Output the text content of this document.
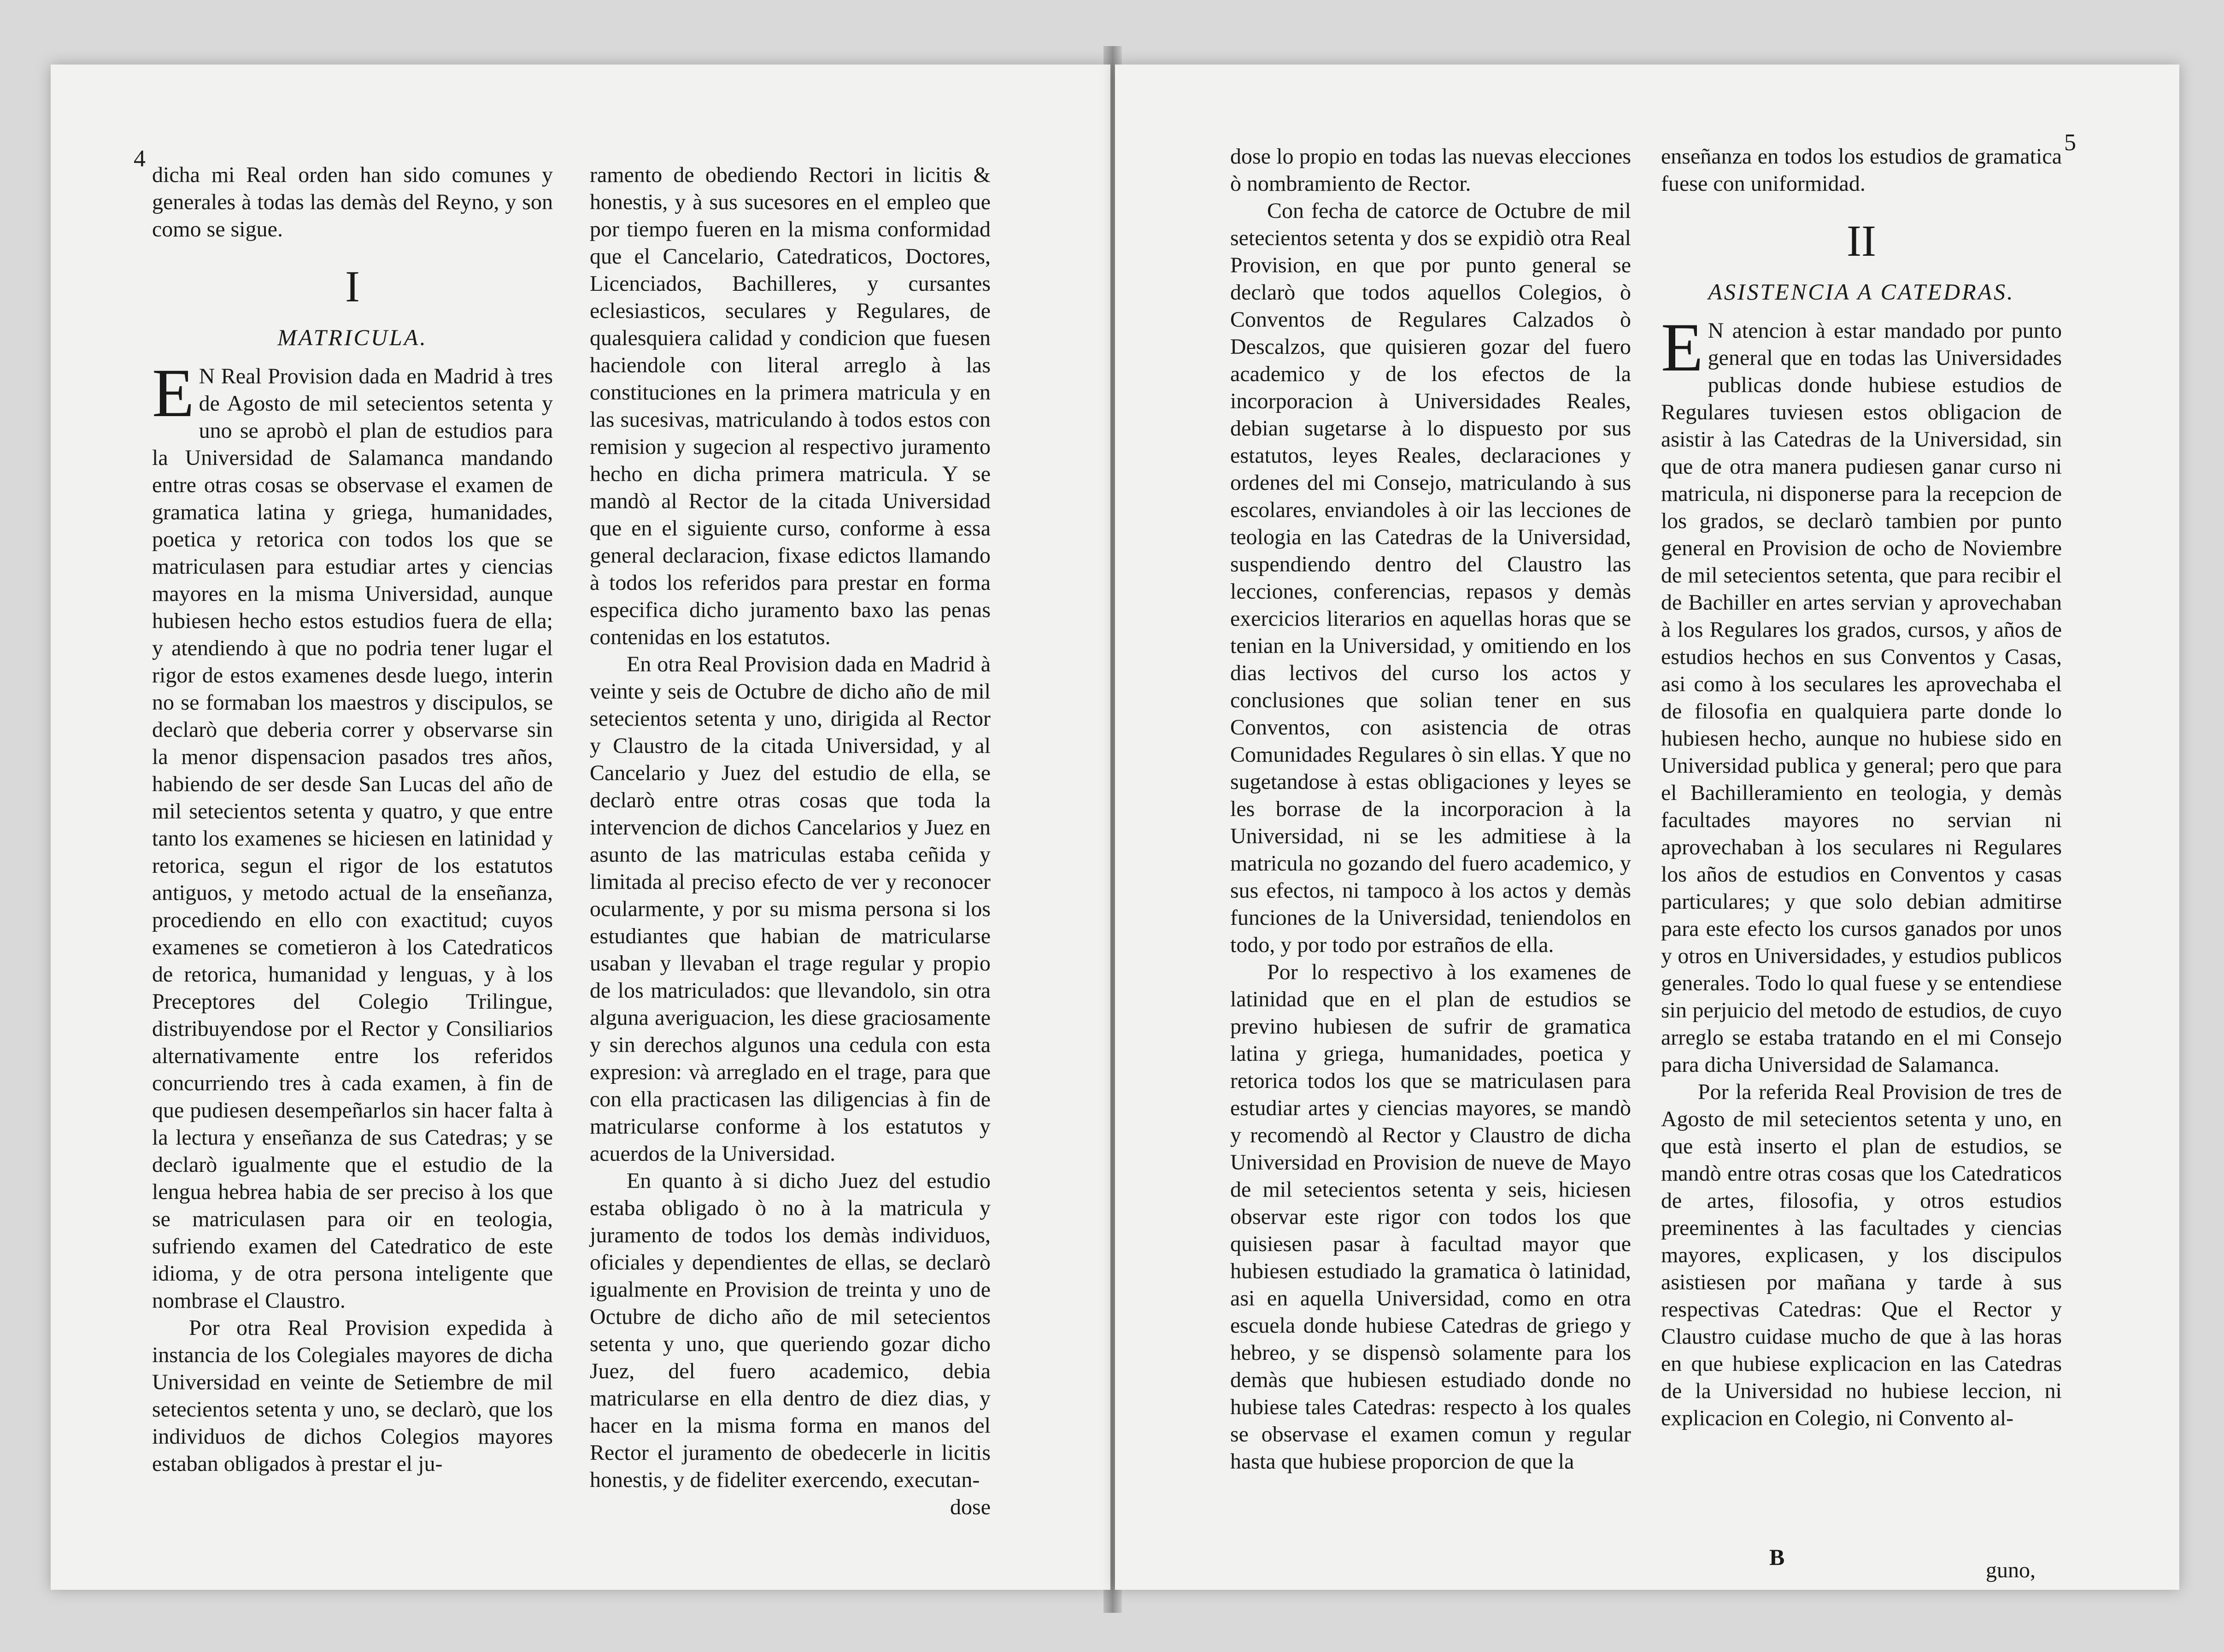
4

dicha mi Real orden han sido comunes y generales à todas las demàs del Reyno, y son como se sigue.

I
MATRICULA.

E N Real Provision dada en Madrid à tres de Agosto de mil setecientos setenta y uno se aprobò el plan de estudios para la Universidad de Salamanca mandando entre otras cosas se observase el examen de gramatica latina y griega, humanidades, poetica y retorica con todos los que se matriculasen para estudiar artes y ciencias mayores en la misma Universidad, aunque hubiesen hecho estos estudios fuera de ella; y atendiendo à que no podria tener lugar el rigor de estos examenes desde luego, interin no se formaban los maestros y discipulos, se declarò que deberia correr y observarse sin la menor dispensacion pasados tres años, habiendo de ser desde San Lucas del año de mil setecientos setenta y quatro, y que entre tanto los examenes se hiciesen en latinidad y retorica, segun el rigor de los estatutos antiguos, y metodo actual de la enseñanza, procediendo en ello con exactitud; cuyos examenes se cometieron à los Catedraticos de retorica, humanidad y lenguas, y à los Preceptores del Colegio Trilingue, distribuyendose por el Rector y Consiliarios alternativamente entre los referidos concurriendo tres à cada examen, à fin de que pudiesen desempeñarlos sin hacer falta à la lectura y enseñanza de sus Catedras; y se declarò igualmente que el estudio de la lengua hebrea habia de ser preciso à los que se matriculasen para oir en teologia, sufriendo examen del Catedratico de este idioma, y de otra persona inteligente que nombrase el Claustro.

Por otra Real Provision expedida à instancia de los Colegiales mayores de dicha Universidad en veinte de Setiembre de mil setecientos setenta y uno, se declarò, que los individuos de dichos Colegios mayores estaban obligados à prestar el ju-

ramento de obediendo Rectori in licitis & honestis, y à sus sucesores en el empleo que por tiempo fueren en la misma conformidad que el Cancelario, Catedraticos, Doctores, Licenciados, Bachilleres, y cursantes eclesiasticos, seculares y Regulares, de qualesquiera calidad y condicion que fuesen haciendole con literal arreglo à las constituciones en la primera matricula y en las sucesivas, matriculando à todos estos con remision y sugecion al respectivo juramento hecho en dicha primera matricula. Y se mandò al Rector de la citada Universidad que en el siguiente curso, conforme à essa general declaracion, fixase edictos llamando à todos los referidos para prestar en forma especifica dicho juramento baxo las penas contenidas en los estatutos.

En otra Real Provision dada en Madrid à veinte y seis de Octubre de dicho año de mil setecientos setenta y uno, dirigida al Rector y Claustro de la citada Universidad, y al Cancelario y Juez del estudio de ella, se declarò entre otras cosas que toda la intervencion de dichos Cancelarios y Juez en asunto de las matriculas estaba ceñida y limitada al preciso efecto de ver y reconocer ocularmente, y por su misma persona si los estudiantes que habian de matricularse usaban y llevaban el trage regular y propio de los matriculados: que llevandolo, sin otra alguna averiguacion, les diese graciosamente y sin derechos algunos una cedula con esta expresion: và arreglado en el trage, para que con ella practicasen las diligencias à fin de matricularse conforme à los estatutos y acuerdos de la Universidad.

En quanto à si dicho Juez del estudio estaba obligado ò no à la matricula y juramento de todos los demàs individuos, oficiales y dependientes de ellas, se declarò igualmente en Provision de treinta y uno de Octubre de dicho año de mil setecientos setenta y uno, que queriendo gozar dicho Juez, del fuero academico, debia matricularse en ella dentro de diez dias, y hacer en la misma forma en manos del Rector el juramento de obedecerle in licitis honestis, y de fideliter exercendo, executan-

dose

5

dose lo propio en todas las nuevas elecciones ò nombramiento de Rector.

Con fecha de catorce de Octubre de mil setecientos setenta y dos se expidiò otra Real Provision, en que por punto general se declarò que todos aquellos Colegios, ò Conventos de Regulares Calzados ò Descalzos, que quisieren gozar del fuero academico y de los efectos de la incorporacion à Universidades Reales, debian sugetarse à lo dispuesto por sus estatutos, leyes Reales, declaraciones y ordenes del mi Consejo, matriculando à sus escolares, enviandoles à oir las lecciones de teologia en las Catedras de la Universidad, suspendiendo dentro del Claustro las lecciones, conferencias, repasos y demàs exercicios literarios en aquellas horas que se tenian en la Universidad, y omitiendo en los dias lectivos del curso los actos y conclusiones que solian tener en sus Conventos, con asistencia de otras Comunidades Regulares ò sin ellas. Y que no sugetandose à estas obligaciones y leyes se les borrase de la incorporacion à la Universidad, ni se les admitiese à la matricula no gozando del fuero academico, y sus efectos, ni tampoco à los actos y demàs funciones de la Universidad, teniendolos en todo, y por todo por estraños de ella.

Por lo respectivo à los examenes de latinidad que en el plan de estudios se previno hubiesen de sufrir de gramatica latina y griega, humanidades, poetica y retorica todos los que se matriculasen para estudiar artes y ciencias mayores, se mandò y recomendò al Rector y Claustro de dicha Universidad en Provision de nueve de Mayo de mil setecientos setenta y seis, hiciesen observar este rigor con todos los que quisiesen pasar à facultad mayor que hubiesen estudiado la gramatica ò latinidad, asi en aquella Universidad, como en otra escuela donde hubiese Catedras de griego y hebreo, y se dispensò solamente para los demàs que hubiesen estudiado donde no hubiese tales Catedras: respecto à los quales se observase el examen comun y regular hasta que hubiese proporcion de que la

enseñanza en todos los estudios de gramatica fuese con uniformidad.

II
ASISTENCIA A CATEDRAS.

E N atencion à estar mandado por punto general que en todas las Universidades publicas donde hubiese estudios de Regulares tuviesen estos obligacion de asistir à las Catedras de la Universidad, sin que de otra manera pudiesen ganar curso ni matricula, ni disponerse para la recepcion de los grados, se declarò tambien por punto general en Provision de ocho de Noviembre de mil setecientos setenta, que para recibir el de Bachiller en artes servian y aprovechaban à los Regulares los grados, cursos, y años de estudios hechos en sus Conventos y Casas, asi como à los seculares les aprovechaba el de filosofia en qualquiera parte donde lo hubiesen hecho, aunque no hubiese sido en Universidad publica y general; pero que para el Bachilleramiento en teologia, y demàs facultades mayores no servian ni aprovechaban à los seculares ni Regulares los años de estudios en Conventos y casas particulares; y que solo debian admitirse para este efecto los cursos ganados por unos y otros en Universidades, y estudios publicos generales. Todo lo qual fuese y se entendiese sin perjuicio del metodo de estudios, de cuyo arreglo se estaba tratando en el mi Consejo para dicha Universidad de Salamanca.

Por la referida Real Provision de tres de Agosto de mil setecientos setenta y uno, en que està inserto el plan de estudios, se mandò entre otras cosas que los Catedraticos de artes, filosofia, y otros estudios preeminentes à las facultades y ciencias mayores, explicasen, y los discipulos asistiesen por mañana y tarde à sus respectivas Catedras: Que el Rector y Claustro cuidase mucho de que à las horas en que hubiese explicacion en las Catedras de la Universidad no hubiese leccion, ni explicacion en Colegio, ni Convento al-

B
guno,
